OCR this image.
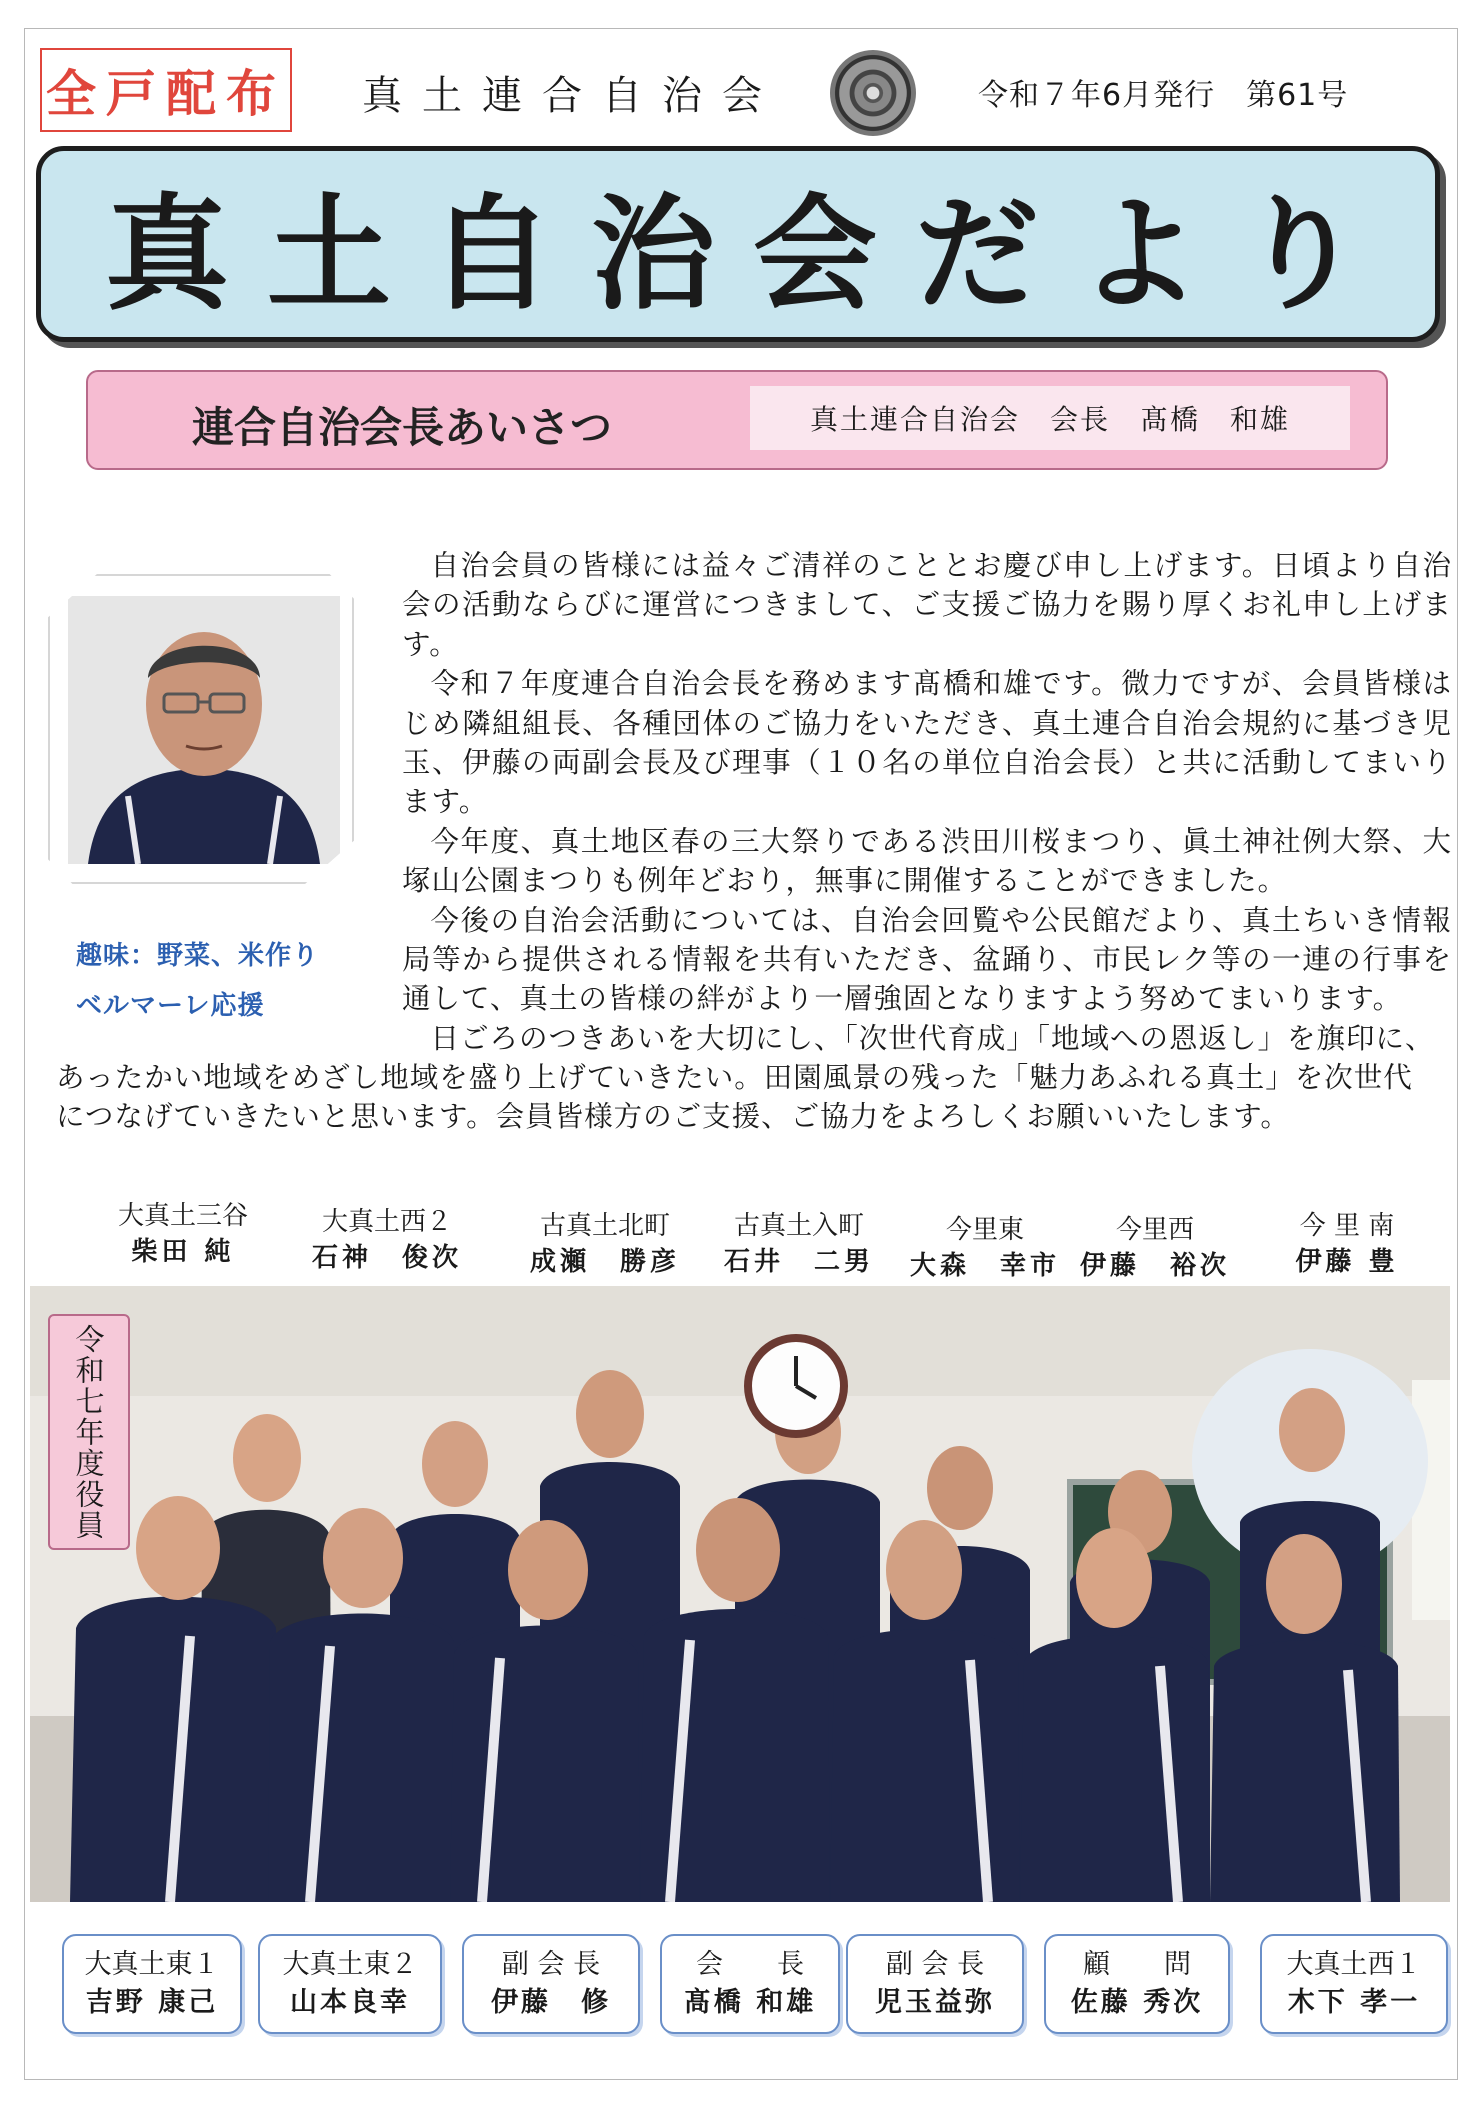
全戸配布 真土連合自治会	令和７年6月発行　第61号
真土自治会だより
連合自治会長あいさつ	真土連合自治会　会長　髙橋　和雄
趣味：野菜、米作り
ベルマーレ応援

自治会員の皆様には益々ご清祥のこととお慶び申し上げます。日頃より自治会の活動ならびに運営につきまして、ご支援ご協力を賜り厚くお礼申し上げます。

令和７年度連合自治会長を務めます髙橋和雄です。微力ですが、会員皆様はじめ隣組組長、各種団体のご協力をいただき、真土連合自治会規約に基づき児玉、伊藤の両副会長及び理事（１０名の単位自治会長）と共に活動してまいります。

今年度、真土地区春の三大祭りである渋田川桜まつり、眞土神社例大祭、大塚山公園まつりも例年どおり，無事に開催することができました。

今後の自治会活動については、自治会回覧や公民館だより、真土ちいき情報局等から提供される情報を共有いただき、盆踊り、市民レク等の一連の行事を通して、真土の皆様の絆がより一層強固となりますよう努めてまいります。

日ごろのつきあいを大切にし、「次世代育成」「地域への恩返し」を旗印に、

あったかい地域をめざし地域を盛り上げていきたい。田園風景の残った「魅力あふれる真土」を次世代

につなげていきたいと思います。会員皆様方のご支援、ご協力をよろしくお願いいたします。

大真土三谷
柴田 純
大真土西２
石神　俊次
古真土北町
成瀬　勝彦
古真土入町
石井　二男
今里東
大森　幸市
今里西
伊藤　裕次
今 里 南
伊藤 豊
令和七年度役員
大真土東１
吉野 康己
大真土東２
山本良幸
副 会 長
伊藤　修
会　　長
髙橋 和雄
副 会 長
児玉益弥
顧　　問
佐藤 秀次
大真土西１
木下 孝一
